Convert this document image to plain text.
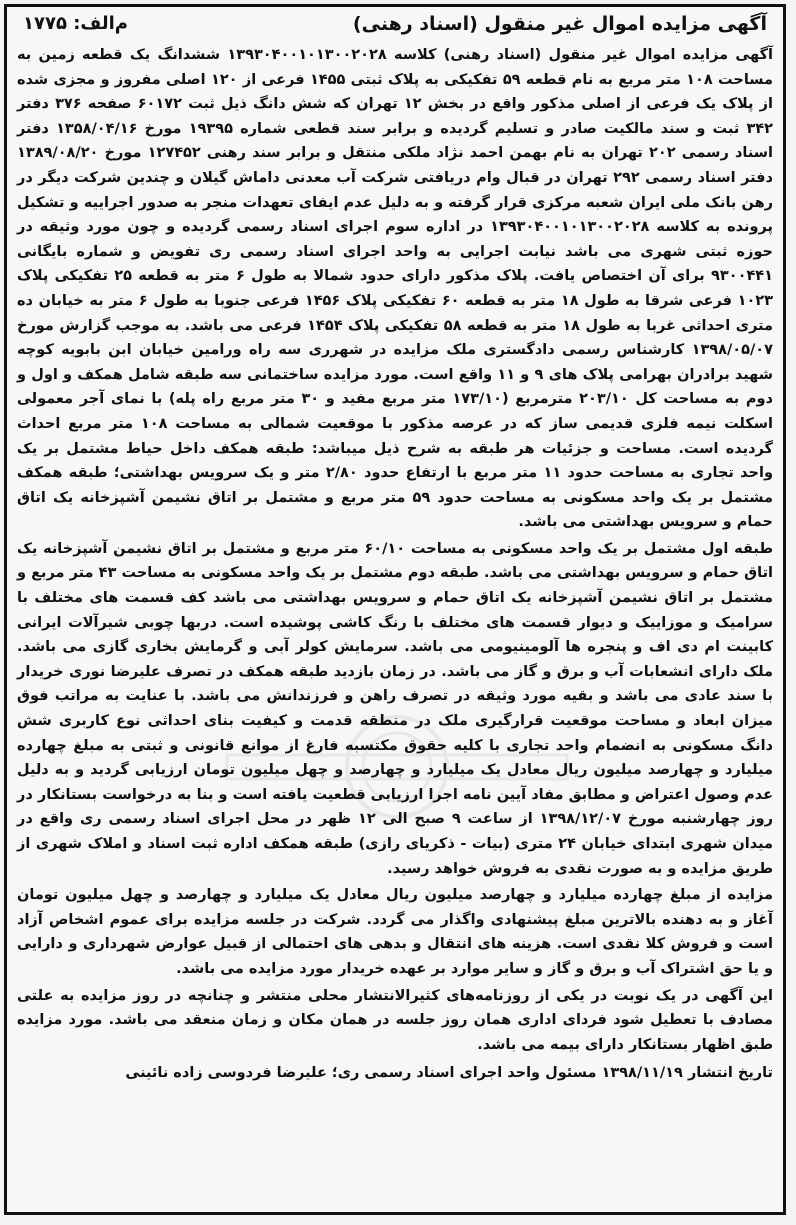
آگهی مزایده اموال غیر منقول (اسناد رهنی)
م‌الف: ۱۷۷۵

آگهی مزایده اموال غیر منقول (اسناد رهنی) کلاسه ۱۳۹۳۰۴۰۰۱۰۱۳۰۰۲۰۲۸ ششدانگ یک قطعه زمین به مساحت ۱۰۸ متر مربع به نام قطعه ۵۹ تفکیکی به پلاک ثبتی ۱۴۵۵ فرعی از ۱۲۰ اصلی مفروز و مجزی شده از پلاک یک فرعی از اصلی مذکور واقع در بخش ۱۲ تهران که شش دانگ ذیل ثبت ۶۰۱۷۲ صفحه ۳۷۶ دفتر ۳۴۲ ثبت و سند مالکیت صادر و تسلیم گردیده و برابر سند قطعی شماره ۱۹۳۹۵ مورخ ۱۳۵۸/۰۴/۱۶ دفتر اسناد رسمی ۲۰۲ تهران به نام بهمن احمد نژاد ملکی منتقل و برابر سند رهنی ۱۲۷۴۵۲ مورخ ۱۳۸۹/۰۸/۲۰ دفتر اسناد رسمی ۲۹۲ تهران در قبال وام دریافتی شرکت آب معدنی داماش گیلان و چندین شرکت دیگر در رهن بانک ملی ایران شعبه مرکزی قرار گرفته و به دلیل عدم ایفای تعهدات منجر به صدور اجراییه و تشکیل پرونده به کلاسه ۱۳۹۳۰۴۰۰۱۰۱۳۰۰۲۰۲۸ در اداره سوم اجرای اسناد رسمی گردیده و چون مورد وثیقه در حوزه ثبتی شهری می باشد نیابت اجرایی به واحد اجرای اسناد رسمی ری تفویض و شماره بایگانی ۹۳۰۰۴۴۱ برای آن اختصاص یافت. پلاک مذکور دارای حدود شمالا به طول ۶ متر به قطعه ۲۵ تفکیکی پلاک ۱۰۲۳ فرعی شرقا به طول ۱۸ متر به قطعه ۶۰ تفکیکی پلاک ۱۴۵۶ فرعی جنوبا به طول ۶ متر به خیابان ده متری احداثی غربا به طول ۱۸ متر به قطعه ۵۸ تفکیکی پلاک ۱۴۵۴ فرعی می باشد. به موجب گزارش مورخ ۱۳۹۸/۰۵/۰۷ کارشناس رسمی دادگستری ملک مزایده در شهرری سه راه ورامین خیابان ابن بابویه کوچه شهید برادران بهرامی پلاک های ۹ و ۱۱ واقع است. مورد مزایده ساختمانی سه طبقه شامل همکف و اول و دوم به مساحت کل ۲۰۳/۱۰ مترمربع (۱۷۳/۱۰ متر مربع مفید و ۳۰ متر مربع راه پله) با نمای آجر معمولی اسکلت نیمه فلزی قدیمی ساز که در عرصه مذکور با موقعیت شمالی به مساحت ۱۰۸ متر مربع احداث گردیده است. مساحت و جزئیات هر طبقه به شرح ذیل میباشد: طبقه همکف داخل حیاط مشتمل بر یک واحد تجاری به مساحت حدود ۱۱ متر مربع با ارتفاع حدود ۲/۸۰ متر و یک سرویس بهداشتی؛ طبقه همکف مشتمل بر یک واحد مسکونی به مساحت حدود ۵۹ متر مربع و مشتمل بر اتاق نشیمن آشپزخانه یک اتاق حمام و سرویس بهداشتی می باشد.

طبقه اول مشتمل بر یک واحد مسکونی به مساحت ۶۰/۱۰ متر مربع و مشتمل بر اتاق نشیمن آشپزخانه یک اتاق حمام و سرویس بهداشتی می باشد. طبقه دوم مشتمل بر یک واحد مسکونی به مساحت ۴۳ متر مربع و مشتمل بر اتاق نشیمن آشپزخانه یک اتاق حمام و سرویس بهداشتی می باشد کف قسمت های مختلف با سرامیک و موزاییک و دیوار قسمت های مختلف با رنگ کاشی پوشیده است. دربها چوبی شیرآلات ایرانی کابینت ام دی اف و پنجره ها آلومینیومی می باشد. سرمایش کولر آبی و گرمایش بخاری گازی می باشد. ملک دارای انشعابات آب و برق و گاز می باشد. در زمان بازدید طبقه همکف در تصرف علیرضا نوری خریدار با سند عادی می باشد و بقیه مورد وثیقه در تصرف راهن و فرزندانش می باشد. با عنایت به مراتب فوق میزان ابعاد و مساحت موقعیت قرارگیری ملک در منطقه قدمت و کیفیت بنای احداثی نوع کاربری شش دانگ مسکونی به انضمام واحد تجاری با کلیه حقوق مکتسبه فارغ از موانع قانونی و ثبتی به مبلغ چهارده میلیارد و چهارصد میلیون ریال معادل یک میلیارد و چهارصد و چهل میلیون تومان ارزیابی گردید و به دلیل عدم وصول اعتراض و مطابق مفاد آیین نامه اجرا ارزیابی قطعیت یافته است و بنا به درخواست بستانکار در روز چهارشنبه مورخ ۱۳۹۸/۱۲/۰۷ از ساعت ۹ صبح الی ۱۲ ظهر در محل اجرای اسناد رسمی ری واقع در میدان شهری ابتدای خیابان ۲۴ متری (بیات - ذکریای رازی) طبقه همکف اداره ثبت اسناد و املاک شهری از طریق مزایده و به صورت نقدی به فروش خواهد رسید.

مزایده از مبلغ چهارده میلیارد و چهارصد میلیون ریال معادل یک میلیارد و چهارصد و چهل میلیون تومان آغاز و به دهنده بالاترین مبلغ پیشنهادی واگذار می گردد. شرکت در جلسه مزایده برای عموم اشخاص آزاد است و فروش کلا نقدی است. هزینه های انتقال و بدهی های احتمالی از قبیل عوارض شهرداری و دارایی و یا حق اشتراک آب و برق و گاز و سایر موارد بر عهده خریدار مورد مزایده می باشد.

این آگهی در یک نوبت در یکی از روزنامه‌های کثیرالانتشار محلی منتشر و چنانچه در روز مزایده به علتی مصادف با تعطیل شود فردای اداری همان روز جلسه در همان مکان و زمان منعقد می باشد. مورد مزایده طبق اظهار بستانکار دارای بیمه می باشد.

تاریخ انتشار ۱۳۹۸/۱۱/۱۹ مسئول واحد اجرای اسناد رسمی ری؛ علیرضا فردوسی زاده نائینی
